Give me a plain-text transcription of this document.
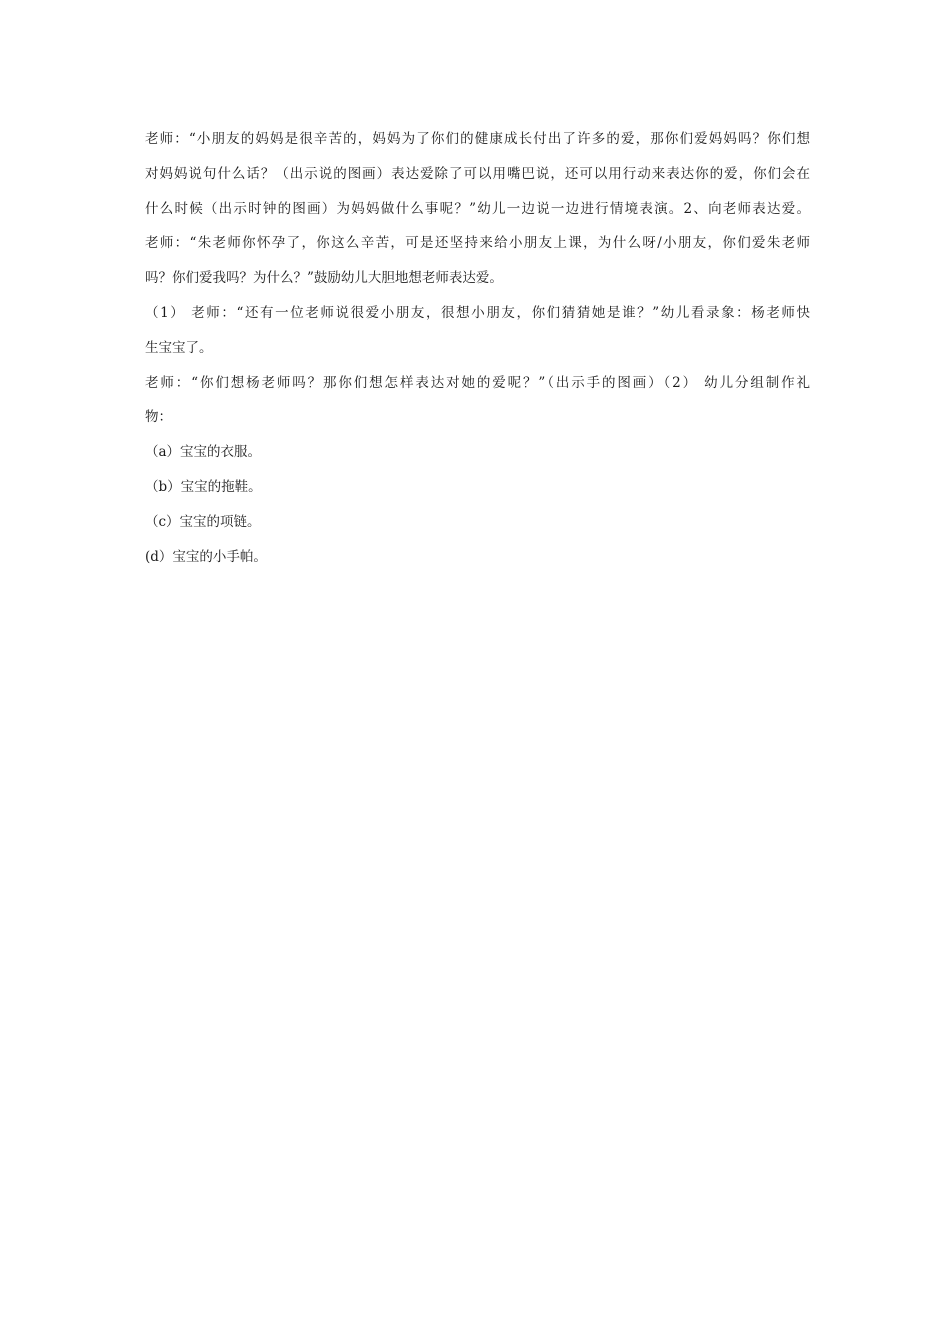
老师：“小朋友的妈妈是很辛苦的，妈妈为了你们的健康成长付出了许多的爱，那你们爱妈妈吗？你们想
对妈妈说句什么话？（出示说的图画）表达爱除了可以用嘴巴说，还可以用行动来表达你的爱，你们会在
什么时候（出示时钟的图画）为妈妈做什么事呢？”幼儿一边说一边进行情境表演。2、向老师表达爱。
老师：“朱老师你怀孕了，你这么辛苦，可是还坚持来给小朋友上课，为什么呀/小朋友，你们爱朱老师
吗？你们爱我吗？为什么？”鼓励幼儿大胆地想老师表达爱。
（1） 老师：“还有一位老师说很爱小朋友，很想小朋友，你们猜猜她是谁？”幼儿看录象：杨老师快
生宝宝了。
老师：“你们想杨老师吗？那你们想怎样表达对她的爱呢？”（出示手的图画）（2） 幼儿分组制作礼
物：
（a）宝宝的衣服。
（b）宝宝的拖鞋。
（c）宝宝的项链。
(d）宝宝的小手帕。
